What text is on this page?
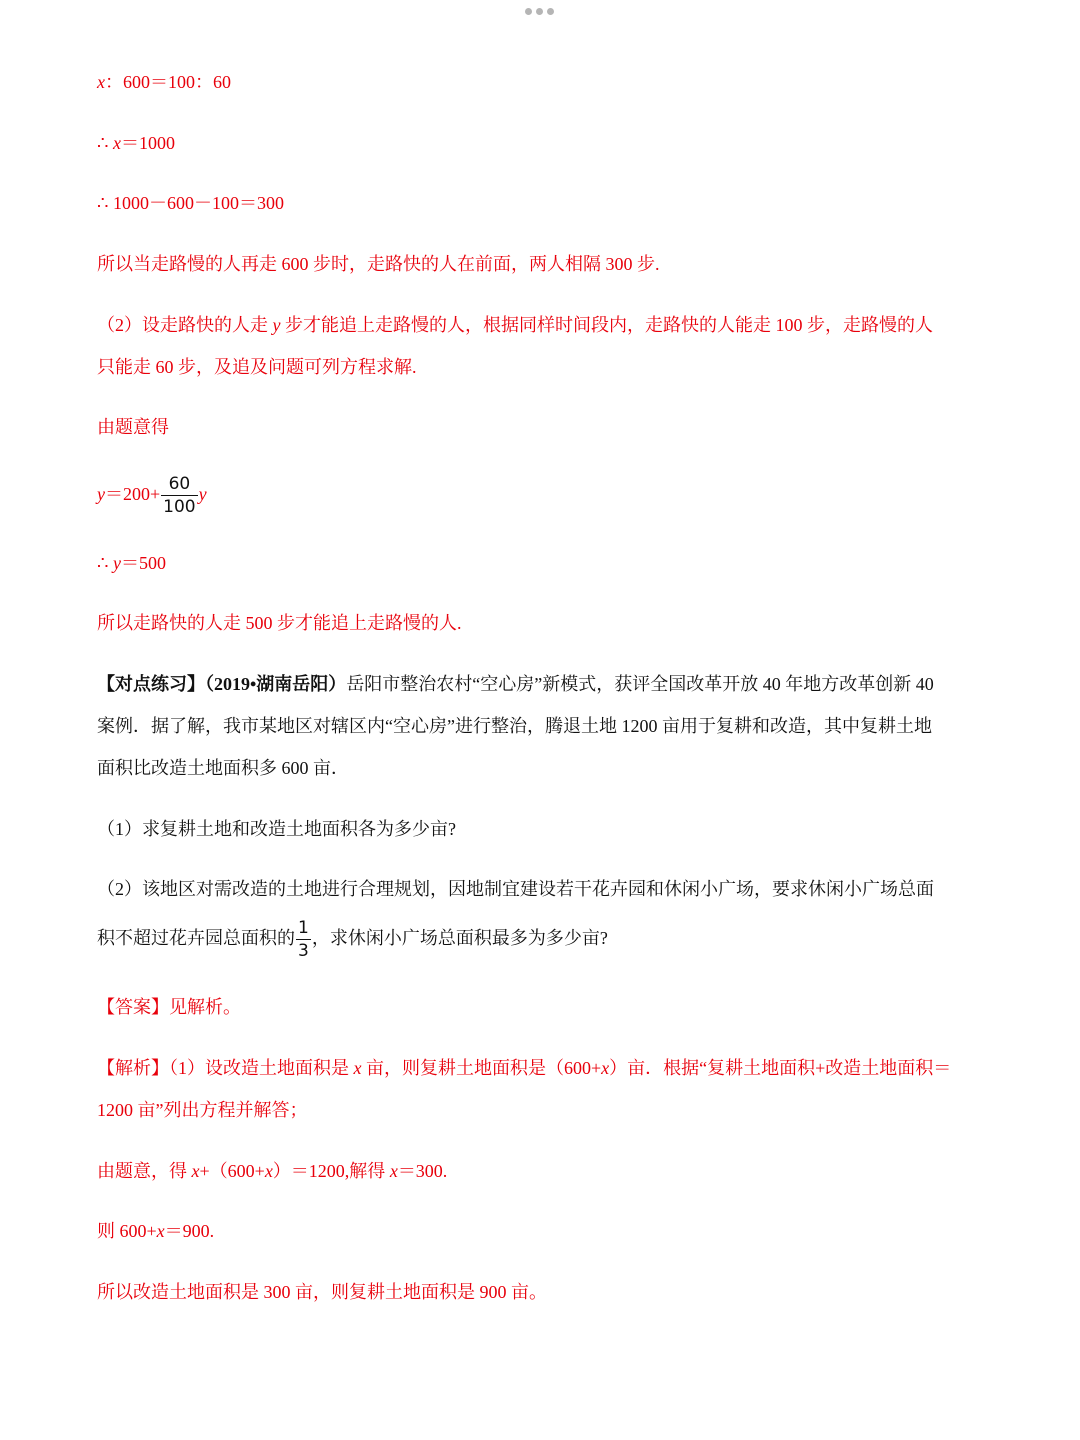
x：600＝100：60
∴ x＝1000
∴ 1000－600－100＝300
所以当走路慢的人再走 600 步时，走路快的人在前面，两人相隔 300 步.
（2）设走路快的人走 y 步才能追上走路慢的人，根据同样时间段内，走路快的人能走 100 步，走路慢的人
只能走 60 步，及追及问题可列方程求解.
由题意得
$y=200+ \frac{60}{100}$ y
∴ y＝500
所以走路快的人走 500 步才能追上走路慢的人.
【对点练习】（2019•湖南岳阳）岳阳市整治农村“空心房”新模式，获评全国改革开放 40 年地方改革创新 40
案例．据了解，我市某地区对辖区内“空心房”进行整治，腾退土地 1200 亩用于复耕和改造，其中复耕土地
面积比改造土地面积多 600 亩．
（1）求复耕土地和改造土地面积各为多少亩?
（2）该地区对需改造的土地进行合理规划，因地制宜建设若干花卉园和休闲小广场，要求休闲小广场总面
积不超过花卉园总面积的 $\frac{1}{3}$ ，求休闲小广场总面积最多为多少亩?
【答案】见解析。
【解析】（1）设改造土地面积是 x 亩，则复耕土地面积是（600+x）亩．根据“复耕土地面积+改造土地面积＝
1200 亩”列出方程并解答；
由题意，得 x+（600+x）＝1200,解得 x＝300.
则 600+x＝900.
所以改造土地面积是 300 亩，则复耕土地面积是 900 亩。
